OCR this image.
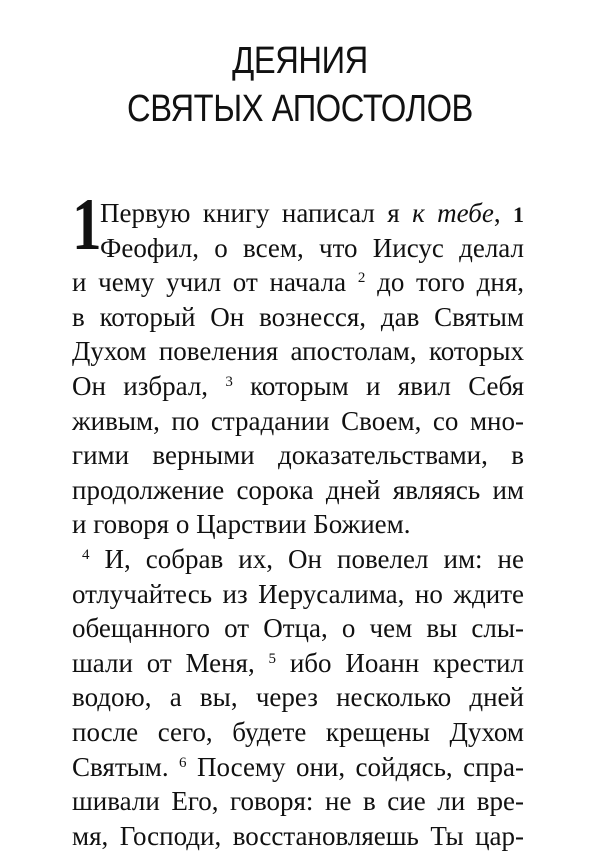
ДЕЯНИЯ
СВЯТЫХ АПОСТОЛОВ
1
Первую книгу написал я к тебе, 1
Феофил, о всем, что Иисус делал
и чему учил от начала $^2$ до того дня,
в который Он вознесся, дав Святым
Духом повеления апостолам, которых
Он избрал, $^3$ которым и явил Себя
живым, по страдании Своем, со мно-
гими верными доказательствами, в
продолжение сорока дней являясь им
и говоря о Царствии Божием.
$^4$ И, собрав их, Он повелел им: не
отлучайтесь из Иерусалима, но ждите
обещанного от Отца, о чем вы слы-
шали от Меня, $^5$ ибо Иоанн крестил
водою, а вы, через несколько дней
после сего, будете крещены Духом
Святым. $^6$ Посему они, сойдясь, спра-
шивали Его, говоря: не в сие ли вре-
мя, Господи, восстановляешь Ты цар-
